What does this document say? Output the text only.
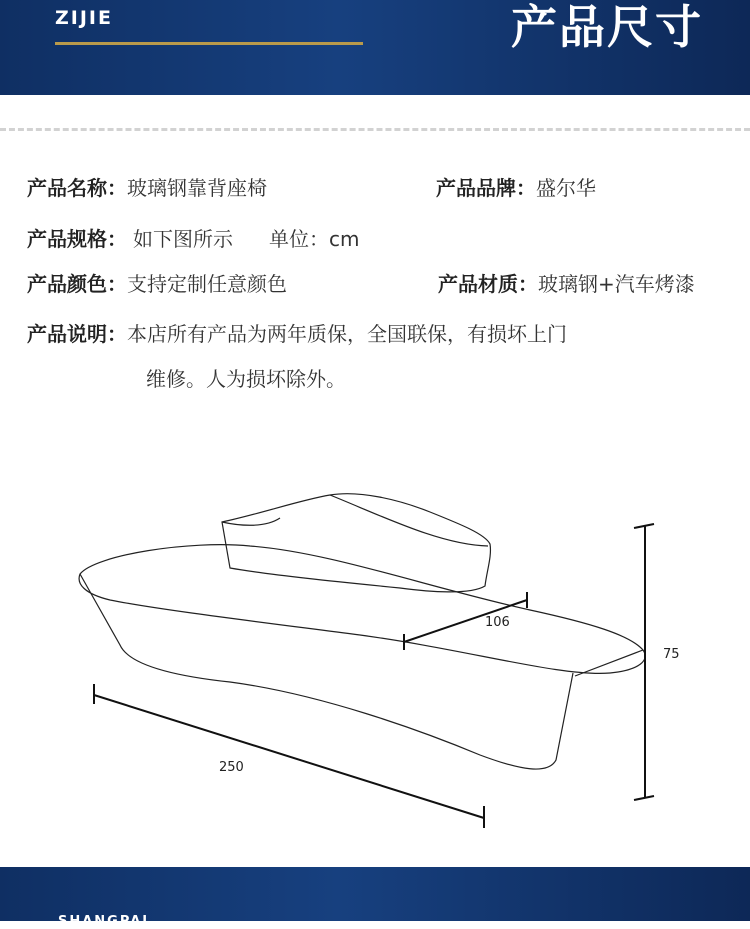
ZIJIE	产品尺寸
产品名称：玻璃钢靠背座椅	产品品牌：盛尔华
产品规格： 如下图所示 单位：cm
产品颜色：支持定制任意颜色	产品材质：玻璃钢+汽车烤漆
产品说明：本店所有产品为两年质保，全国联保，有损坏上门
维修。人为损坏除外。
106
75
250
SHANGPAI
